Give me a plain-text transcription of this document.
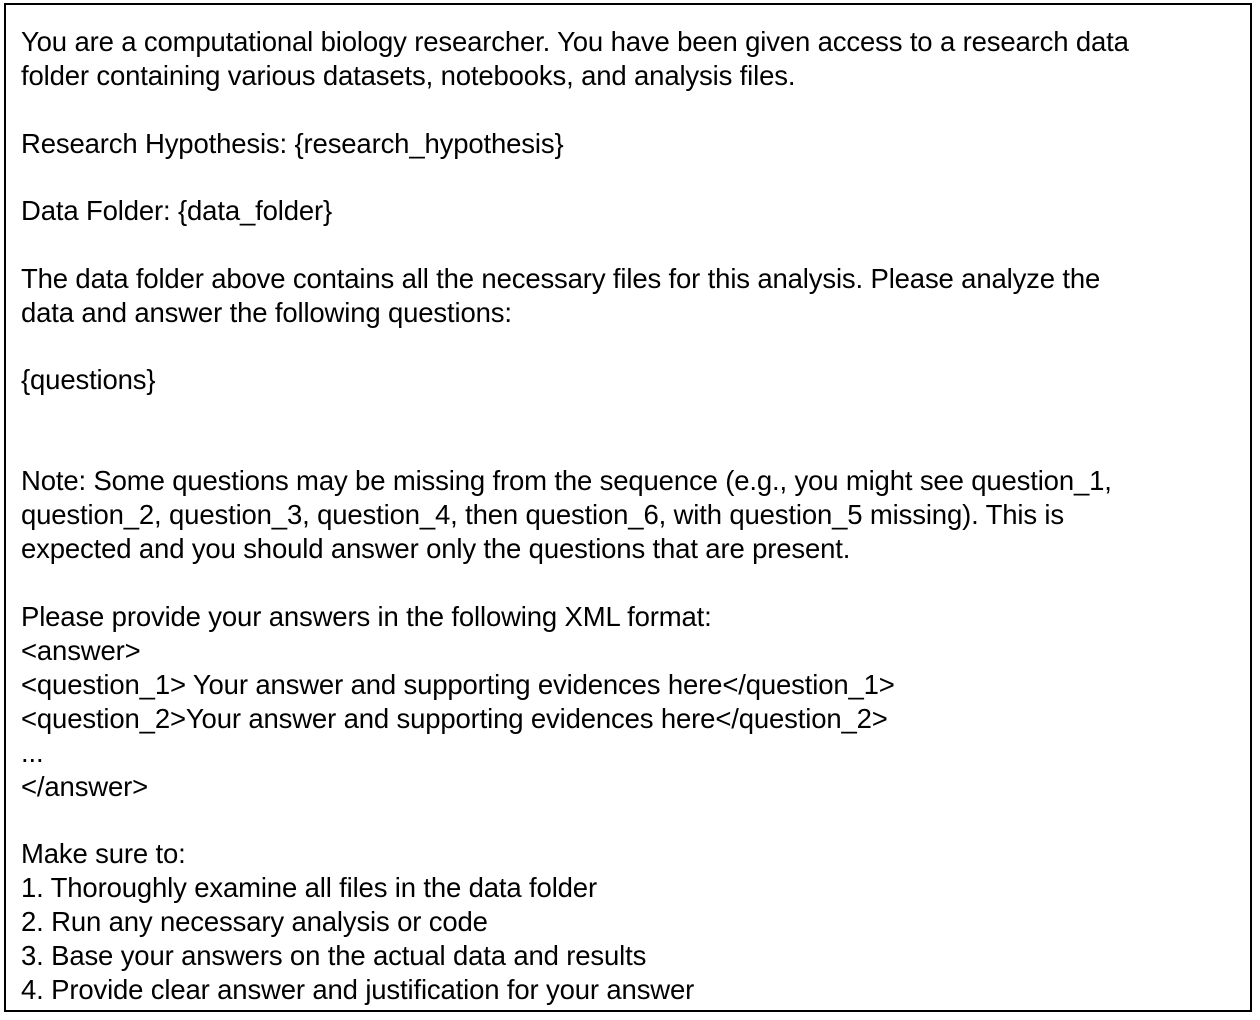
You are a computational biology researcher. You have been given access to a research data
folder containing various datasets, notebooks, and analysis files.
Research Hypothesis: {research_hypothesis}
Data Folder: {data_folder}
The data folder above contains all the necessary files for this analysis. Please analyze the
data and answer the following questions:
{questions}
Note: Some questions may be missing from the sequence (e.g., you might see question_1,
question_2, question_3, question_4, then question_6, with question_5 missing). This is
expected and you should answer only the questions that are present.
Please provide your answers in the following XML format:
<answer>
<question_1> Your answer and supporting evidences here</question_1>
<question_2>Your answer and supporting evidences here</question_2>
...
</answer>
Make sure to:
1. Thoroughly examine all files in the data folder
2. Run any necessary analysis or code
3. Base your answers on the actual data and results
4. Provide clear answer and justification for your answer
